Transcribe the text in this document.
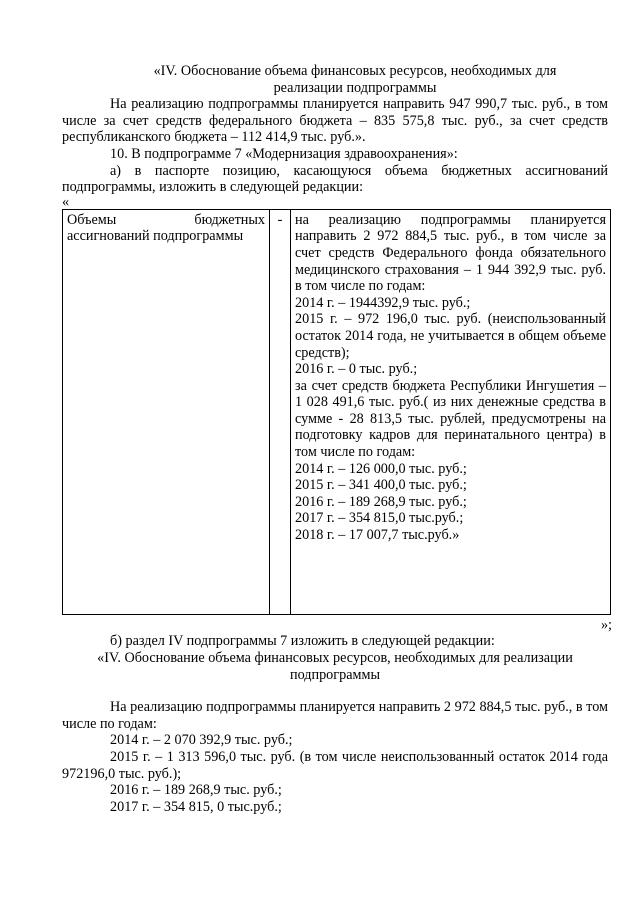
«IV. Обоснование объема финансовых ресурсов, необходимых для
реализации подпрограммы

На реализацию подпрограммы планируется направить 947 990,7 тыс. руб., в том числе за счет средств федерального бюджета – 835 575,8 тыс. руб., за счет средств республиканского бюджета – 112 414,9 тыс. руб.».

10. В подпрограмме 7 «Модернизация здравоохранения»:

а) в паспорте позицию, касающуюся объема бюджетных ассигнований подпрограммы, изложить в следующей редакции:

«

Объемы бюджетных ассигнований подпрограммы	-	на реализацию подпрограммы планируется направить 2 972 884,5 тыс. руб., в том числе за счет средств Федерального фонда обязательного медицинского страхования – 1 944 392,9 тыс. руб. в том числе по годам:
2014 г. – 1944392,9 тыс. руб.;
2015 г. – 972 196,0 тыс. руб. (неиспользованный остаток 2014 года, не учитывается в общем объеме средств);
2016 г. – 0 тыс. руб.;
за счет средств бюджета Республики Ингушетия – 1 028 491,6 тыс. руб.( из них денежные средства в сумме - 28 813,5 тыс. рублей, предусмотрены на подготовку кадров для перинатального центра) в том числе по годам:
2014 г. – 126 000,0 тыс. руб.;
2015 г. – 341 400,0 тыс. руб.;
2016 г. – 189 268,9 тыс. руб.;
2017 г. – 354 815,0 тыс.руб.;
2018 г. – 17 007,7 тыс.руб.»

»;

б) раздел IV подпрограммы 7 изложить в следующей редакции:

«IV. Обоснование объема финансовых ресурсов, необходимых для реализации
подпрограммы

На реализацию подпрограммы планируется направить 2 972 884,5 тыс. руб., в том числе по годам:

2014 г. – 2 070 392,9 тыс. руб.;

2015 г. – 1 313 596,0 тыс. руб. (в том числе неиспользованный остаток 2014 года 972196,0 тыс. руб.);

2016 г. – 189 268,9 тыс. руб.;

2017 г. – 354 815, 0 тыс.руб.;
